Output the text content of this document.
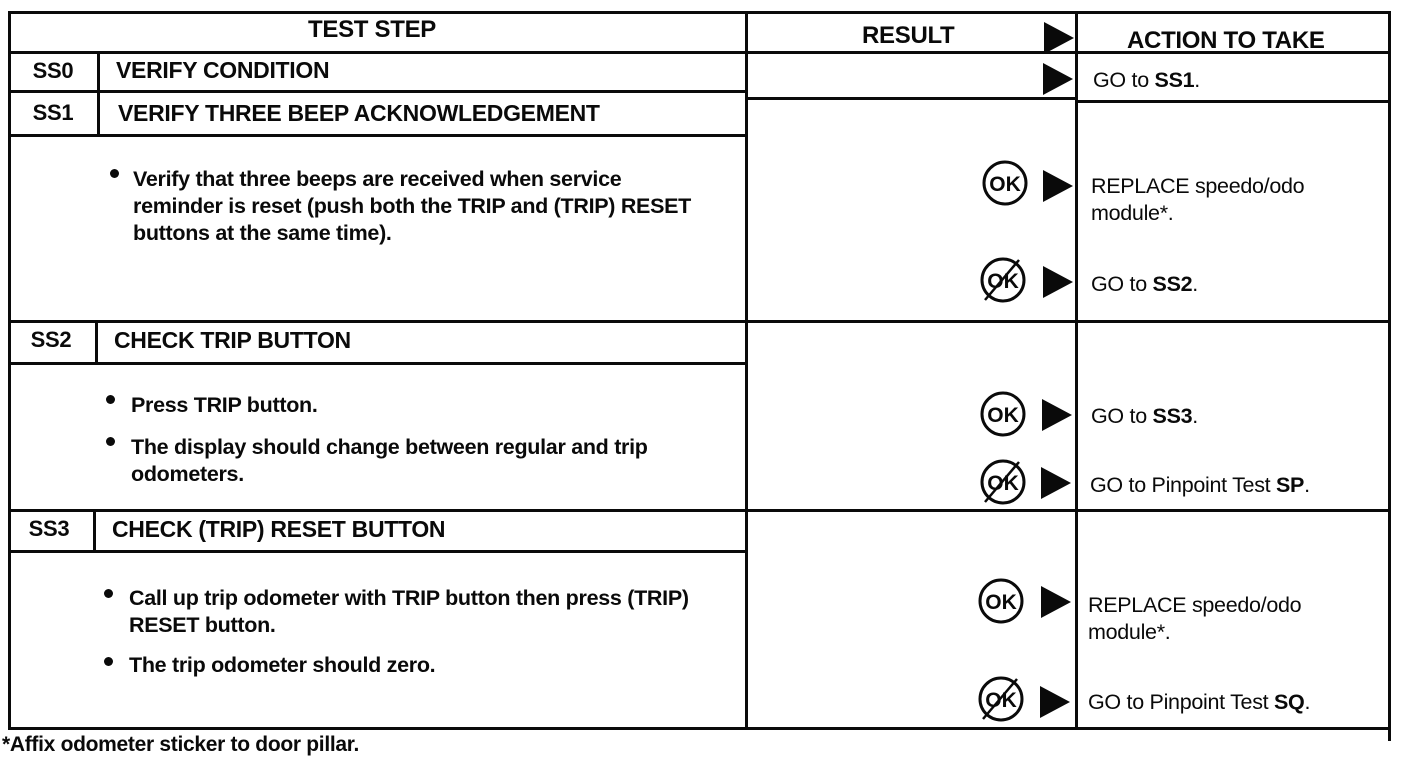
TEST STEP	RESULT	ACTION TO TAKE
SS0	VERIFY CONDITION	GO to SS1.
SS1	VERIFY THREE BEEP ACKNOWLEDGEMENT
Verify that three beeps are received when service reminder is reset (push both the TRIP and (TRIP) RESET buttons at the same time).
OK	REPLACE speedo/odo module*.
OK	GO to SS2.
SS2	CHECK TRIP BUTTON
Press TRIP button.
The display should change between regular and trip odometers.
OK	GO to SS3.
OK	GO to Pinpoint Test SP.
SS3	CHECK (TRIP) RESET BUTTON
Call up trip odometer with TRIP button then press (TRIP) RESET button.
The trip odometer should zero.
OK	REPLACE speedo/odo module*.
OK	GO to Pinpoint Test SQ.
*Affix odometer sticker to door pillar.
